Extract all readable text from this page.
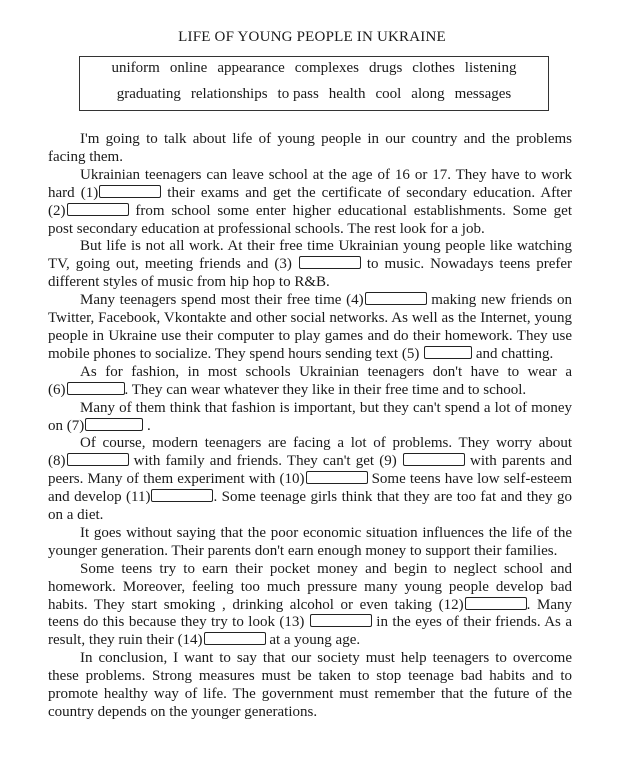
LIFE OF YOUNG PEOPLE IN UKRAINE
uniform online appearance complexes drugs clothes listening
graduating relationships to pass health cool along messages

I'm going to talk about life of young people in our country and the problems facing them.

Ukrainian teenagers can leave school at the age of 16 or 17. They have to work hard (1)	their exams and get the certificate of secondary education. After (2)	from school some enter higher educational establishments. Some get post secondary education at professional schools. The rest look for a job.

But life is not all work. At their free time Ukrainian young people like watching TV, going out, meeting friends and (3)	to music. Nowadays teens prefer different styles of music from hip hop to R&B.

Many teenagers spend most their free time (4)	making new friends on Twitter, Facebook, Vkontakte and other social networks. As well as the Internet, young people in Ukraine use their computer to play games and do their homework. They use mobile phones to socialize. They spend hours sending text (5)	and chatting.

As for fashion, in most schools Ukrainian teenagers don't have to wear a (6)	. They can wear whatever they like in their free time and to school.

Many of them think that fashion is important, but they can't spend a lot of money on (7)	.

Of course, modern teenagers are facing a lot of problems. They worry about (8)	with family and friends. They can't get (9)	with parents and peers. Many of them experiment with (10)	Some teens have low self-esteem and develop (11)	. Some teenage girls think that they are too fat and they go on a diet.

It goes without saying that the poor economic situation influences the life of the younger generation. Their parents don't earn enough money to support their families.

Some teens try to earn their pocket money and begin to neglect school and homework. Moreover, feeling too much pressure many young people develop bad habits. They start smoking , drinking alcohol or even taking (12)	. Many teens do this because they try to look (13)	in the eyes of their friends. As a result, they ruin their (14)	at a young age.

In conclusion, I want to say that our society must help teenagers to overcome these problems. Strong measures must be taken to stop teenage bad habits and to promote healthy way of life. The government must remember that the future of the country depends on the younger generations.
